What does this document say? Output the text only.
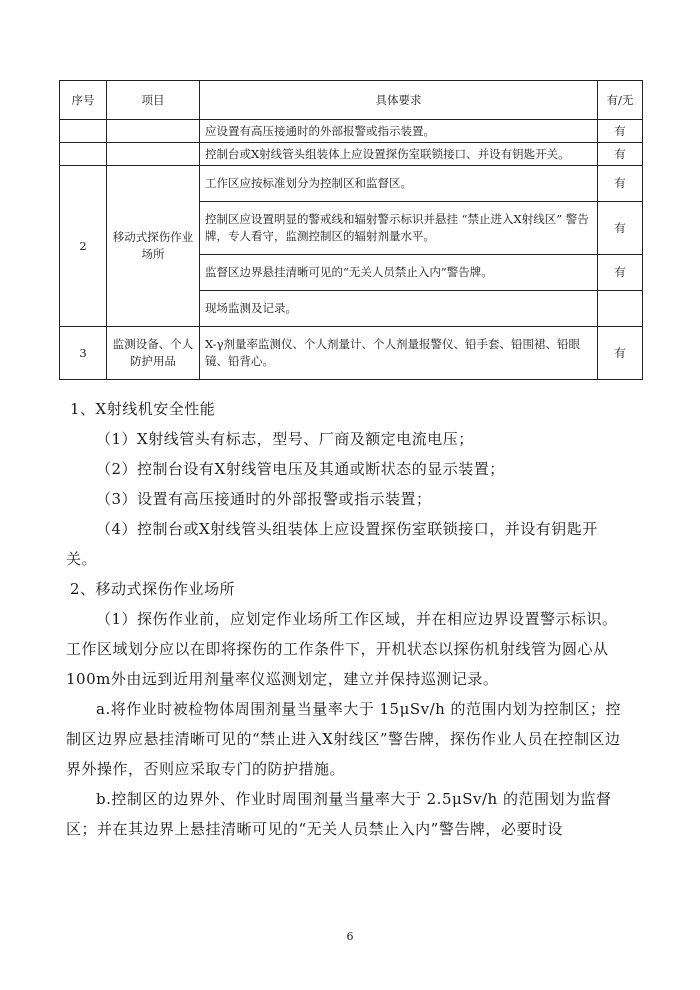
序号	项目	具体要求	有/无
		应设置有高压接通时的外部报警或指示装置。	有
		控制台或X射线管头组装体上应设置探伤室联锁接口、并设有钥匙开关。	有
2	移动式探伤作业场所	工作区应按标准划分为控制区和监督区。	有
		控制区应设置明显的警戒线和辐射警示标识并悬挂 “禁止进入X射线区” 警告牌，专人看守，监测控制区的辐射剂量水平。	有
		监督区边界悬挂清晰可见的“无关人员禁止入内”警告牌。	有
		现场监测及记录。	
3	监测设备、个人防护用品	X-γ剂量率监测仪、个人剂量计、个人剂量报警仪、铅手套、铅围裙、铅眼镜、铅背心。	有

1、X射线机安全性能

（1）X射线管头有标志，型号、厂商及额定电流电压；

（2）控制台设有X射线管电压及其通或断状态的显示装置；

（3）设置有高压接通时的外部报警或指示装置；

（4）控制台或X射线管头组装体上应设置探伤室联锁接口，并设有钥匙开关。

2、移动式探伤作业场所

（1）探伤作业前，应划定作业场所工作区域，并在相应边界设置警示标识。工作区域划分应以在即将探伤的工作条件下，开机状态以探伤机射线管为圆心从100m外由远到近用剂量率仪巡测划定，建立并保持巡测记录。

a.将作业时被检物体周围剂量当量率大于 15μSv/h 的范围内划为控制区；控制区边界应悬挂清晰可见的“禁止进入X射线区”警告牌，探伤作业人员在控制区边界外操作，否则应采取专门的防护措施。

b.控制区的边界外、作业时周围剂量当量率大于 2.5μSv/h 的范围划为监督区；并在其边界上悬挂清晰可见的“无关人员禁止入内”警告牌，必要时设

6
